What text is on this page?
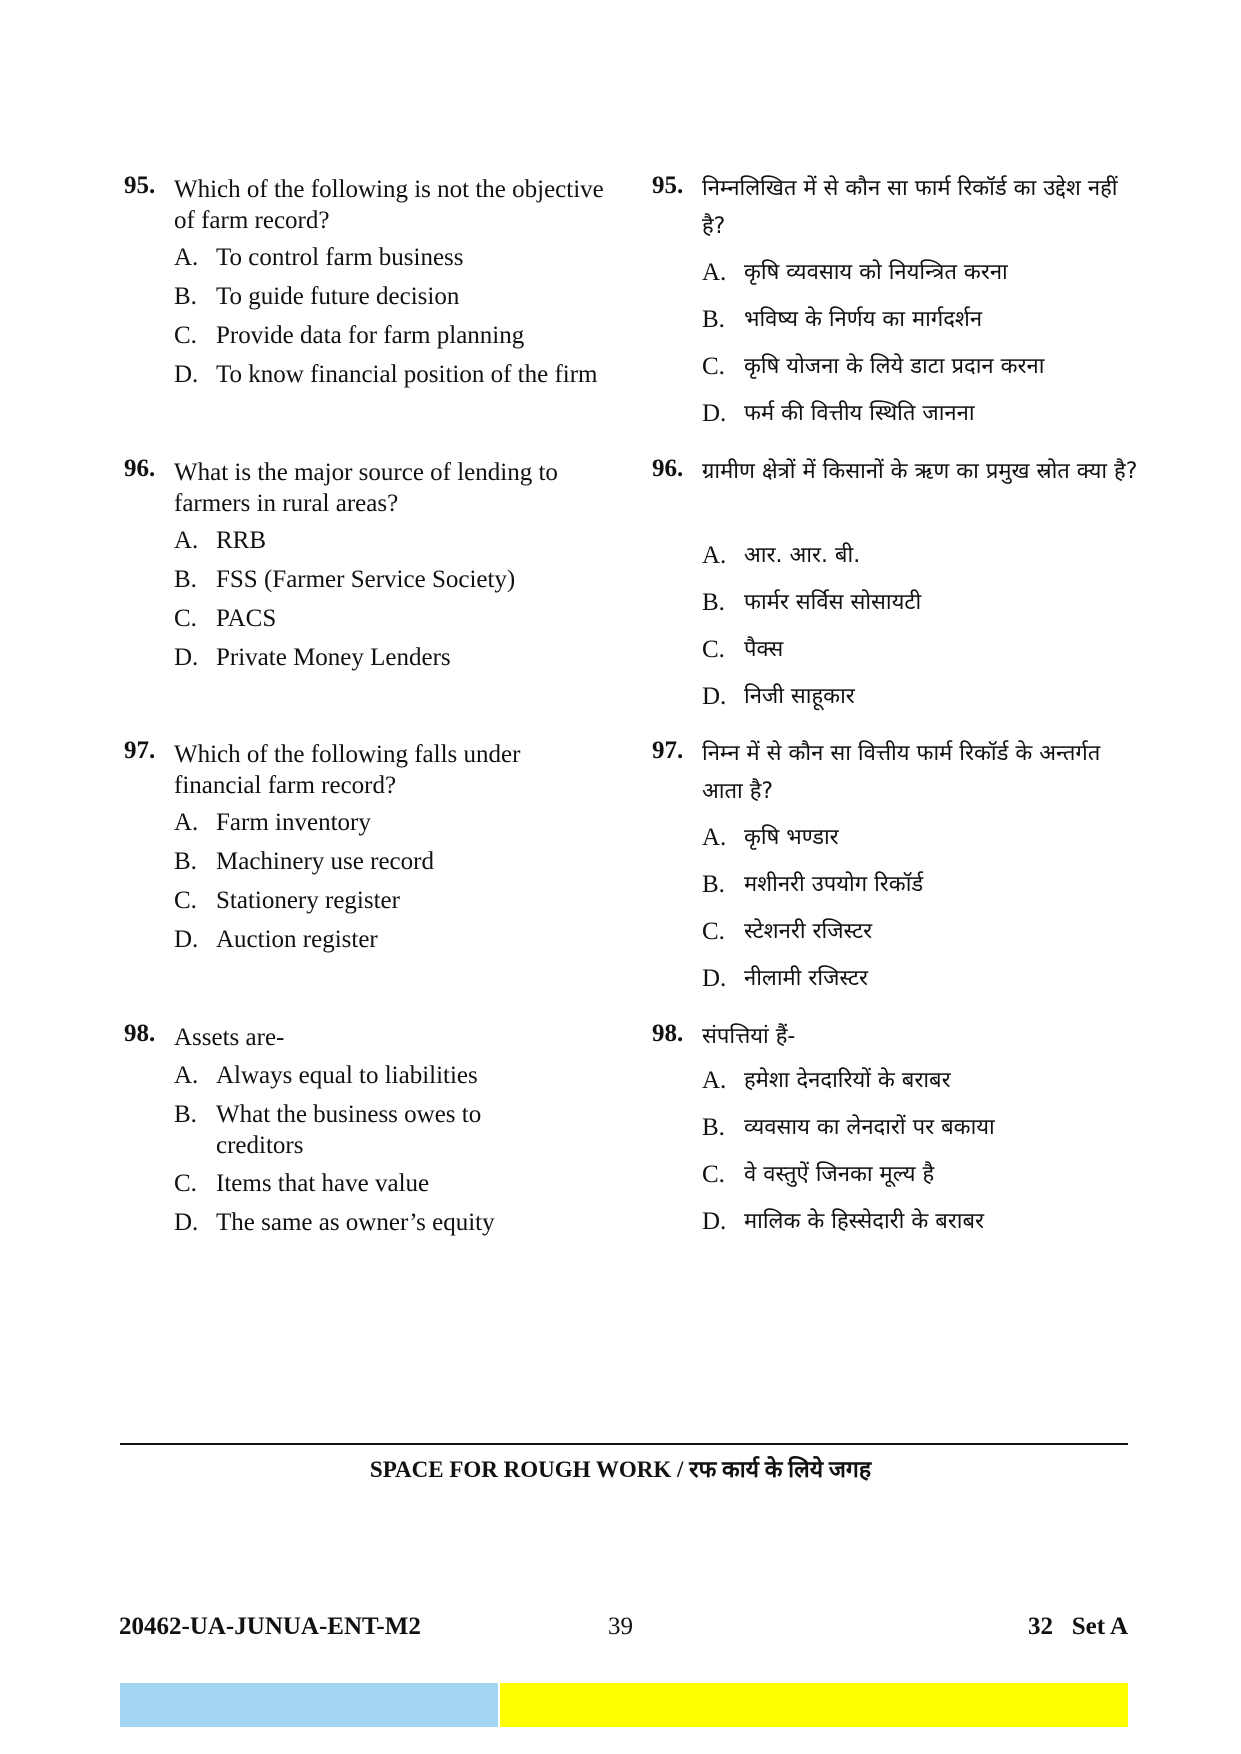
95. Which of the following is not the objective of farm record?
A. To control farm business
B. To guide future decision
C. Provide data for farm planning
D. To know financial position of the firm
96. What is the major source of lending to farmers in rural areas?
A. RRB
B. FSS (Farmer Service Society)
C. PACS
D. Private Money Lenders
97. Which of the following falls under financial farm record?
A. Farm inventory
B. Machinery use record
C. Stationery register
D. Auction register
98. Assets are-
A. Always equal to liabilities
B. What the business owes to creditors
C. Items that have value
D. The same as owner’s equity
95. निम्नलिखित में से कौन सा फार्म रिकॉर्ड का उद्देश नहीं है?
A. कृषि व्यवसाय को नियन्त्रित करना
B. भविष्य के निर्णय का मार्गदर्शन
C. कृषि योजना के लिये डाटा प्रदान करना
D. फर्म की वित्तीय स्थिति जानना
96. ग्रामीण क्षेत्रों में किसानों के ऋण का प्रमुख स्रोत क्या है?
A. आर. आर. बी.
B. फार्मर सर्विस सोसायटी
C. पैक्स
D. निजी साहूकार
97. निम्न में से कौन सा वित्तीय फार्म रिकॉर्ड के अन्तर्गत आता है?
A. कृषि भण्डार
B. मशीनरी उपयोग रिकॉर्ड
C. स्टेशनरी रजिस्टर
D. नीलामी रजिस्टर
98. संपत्तियां हैं-
A. हमेशा देनदारियों के बराबर
B. व्यवसाय का लेनदारों पर बकाया
C. वे वस्तुऐं जिनका मूल्य है
D. मालिक के हिस्सेदारी के बराबर
SPACE FOR ROUGH WORK / रफ कार्य के लिये जगह
20462-UA-JUNUA-ENT-M2	39	32   Set A
